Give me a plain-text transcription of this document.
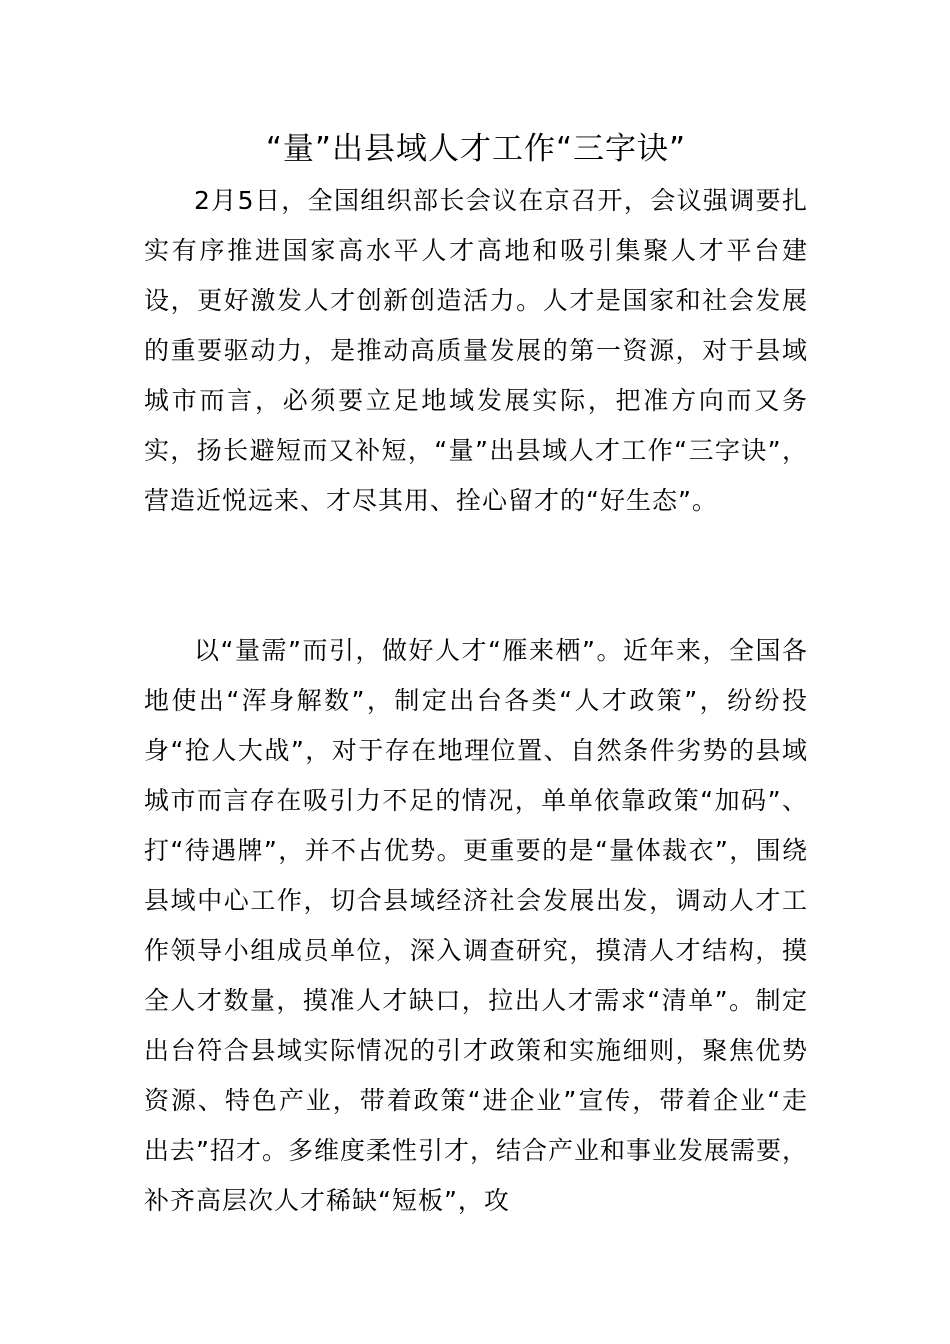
“量”出县域人才工作“三字诀”

2月5日，全国组织部长会议在京召开，会议强调要扎实有序推进国家高水平人才高地和吸引集聚人才平台建设，更好激发人才创新创造活力。人才是国家和社会发展的重要驱动力，是推动高质量发展的第一资源，对于县域城市而言，必须要立足地域发展实际，把准方向而又务实，扬长避短而又补短，“量”出县域人才工作“三字诀”，营造近悦远来、才尽其用、拴心留才的“好生态”。

以“量需”而引，做好人才“雁来栖”。近年来，全国各地使出“浑身解数”，制定出台各类“人才政策”，纷纷投身“抢人大战”，对于存在地理位置、自然条件劣势的县域城市而言存在吸引力不足的情况，单单依靠政策“加码”、打“待遇牌”，并不占优势。更重要的是“量体裁衣”，围绕县域中心工作，切合县域经济社会发展出发，调动人才工作领导小组成员单位，深入调查研究，摸清人才结构，摸全人才数量，摸准人才缺口，拉出人才需求“清单”。制定出台符合县域实际情况的引才政策和实施细则，聚焦优势资源、特色产业，带着政策“进企业”宣传，带着企业“走出去”招才。多维度柔性引才，结合产业和事业发展需要，补齐高层次人才稀缺“短板”，攻
